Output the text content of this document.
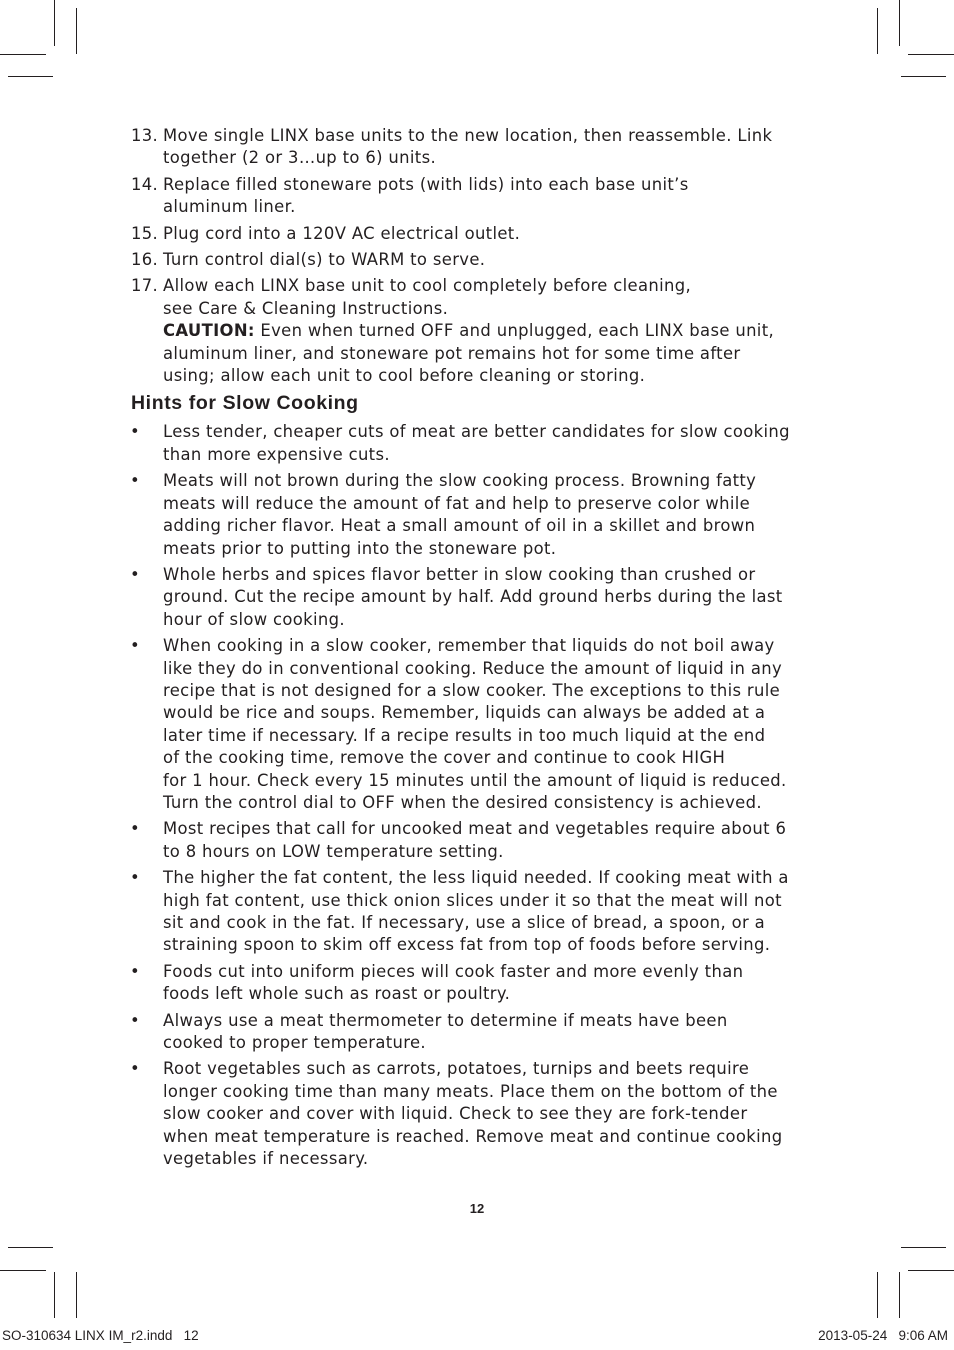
13. Move single LINX base units to the new location, then reassemble. Link
together (2 or 3…up to 6) units.
14. Replace filled stoneware pots (with lids) into each base unit’s
aluminum liner.
15. Plug cord into a 120V AC electrical outlet.
16. Turn control dial(s) to WARM to serve.
17. Allow each LINX base unit to cool completely before cleaning,
see Care & Cleaning Instructions.
CAUTION: Even when turned OFF and unplugged, each LINX base unit,
aluminum liner, and stoneware pot remains hot for some time after
using; allow each unit to cool before cleaning or storing.
Hints for Slow Cooking
• Less tender, cheaper cuts of meat are better candidates for slow cooking
than more expensive cuts.
• Meats will not brown during the slow cooking process. Browning fatty
meats will reduce the amount of fat and help to preserve color while
adding richer flavor. Heat a small amount of oil in a skillet and brown
meats prior to putting into the stoneware pot.
• Whole herbs and spices flavor better in slow cooking than crushed or
ground. Cut the recipe amount by half. Add ground herbs during the last
hour of slow cooking.
• When cooking in a slow cooker, remember that liquids do not boil away
like they do in conventional cooking. Reduce the amount of liquid in any
recipe that is not designed for a slow cooker. The exceptions to this rule
would be rice and soups. Remember, liquids can always be added at a
later time if necessary. If a recipe results in too much liquid at the end
of the cooking time, remove the cover and continue to cook HIGH
for 1 hour. Check every 15 minutes until the amount of liquid is reduced.
Turn the control dial to OFF when the desired consistency is achieved.
• Most recipes that call for uncooked meat and vegetables require about 6
to 8 hours on LOW temperature setting.
• The higher the fat content, the less liquid needed. If cooking meat with a
high fat content, use thick onion slices under it so that the meat will not
sit and cook in the fat. If necessary, use a slice of bread, a spoon, or a
straining spoon to skim off excess fat from top of foods before serving.
• Foods cut into uniform pieces will cook faster and more evenly than
foods left whole such as roast or poultry.
• Always use a meat thermometer to determine if meats have been
cooked to proper temperature.
• Root vegetables such as carrots, potatoes, turnips and beets require
longer cooking time than many meats. Place them on the bottom of the
slow cooker and cover with liquid. Check to see they are fork-tender
when meat temperature is reached. Remove meat and continue cooking
vegetables if necessary.
12
SO-310634 LINX IM_r2.indd   12	2013-05-24   9:06 AM
